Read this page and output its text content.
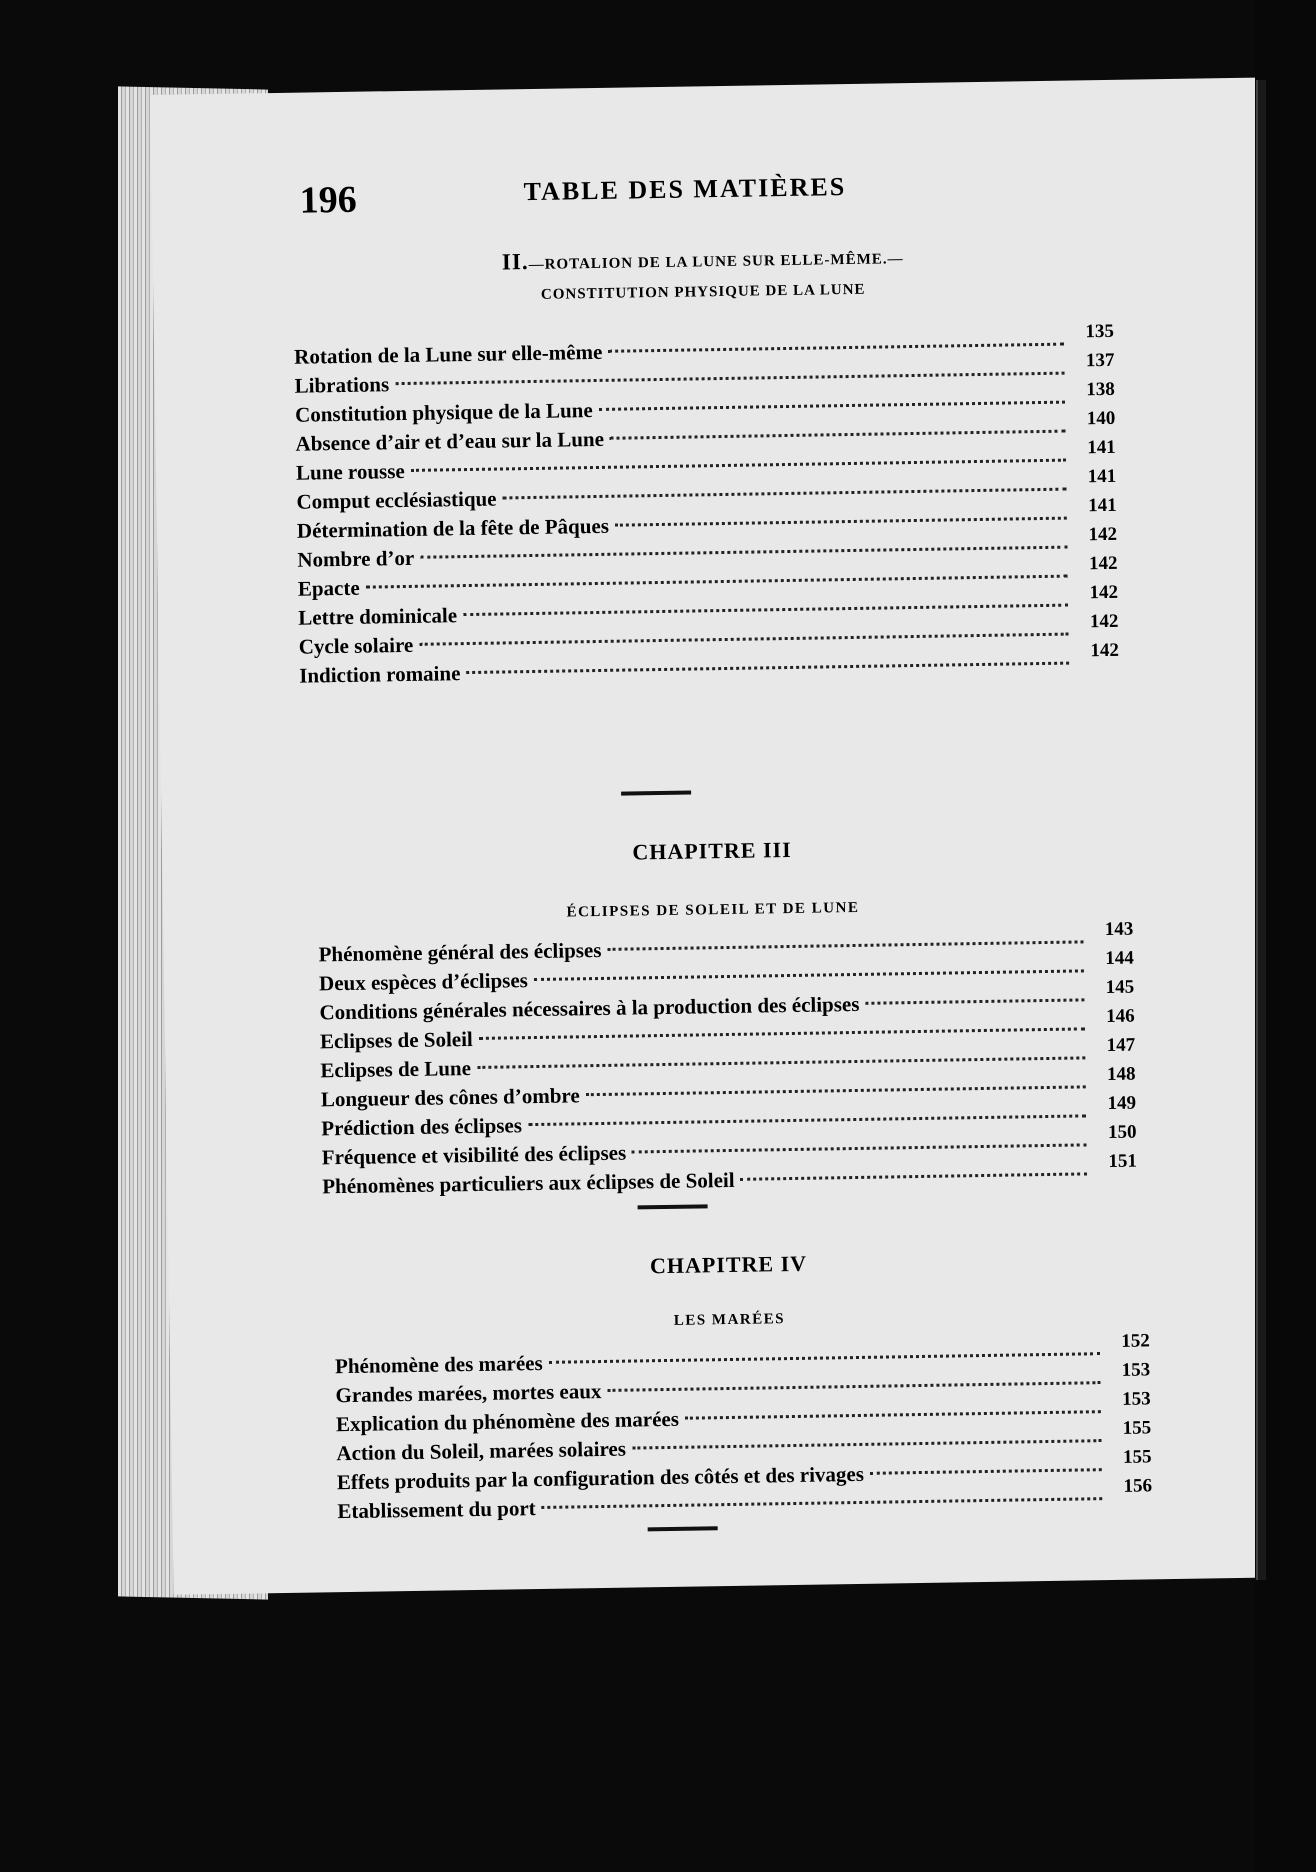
196	TABLE DES MATIÈRES
II.—ROTALION DE LA LUNE SUR ELLE-MÊME.—
CONSTITUTION PHYSIQUE DE LA LUNE
Rotation de la Lune sur elle-même
135
Librations
137
Constitution physique de la Lune
138
Absence d’air et d’eau sur la Lune
140
Lune rousse
141
Comput ecclésiastique
141
Détermination de la fête de Pâques
141
Nombre d’or
142
Epacte
142
Lettre dominicale
142
Cycle solaire
142
Indiction romaine
142
CHAPITRE III
ÉCLIPSES DE SOLEIL ET DE LUNE
Phénomène général des éclipses
143
Deux espèces d’éclipses
144
Conditions générales nécessaires à la production des éclipses
145
Eclipses de Soleil
146
Eclipses de Lune
147
Longueur des cônes d’ombre
148
Prédiction des éclipses
149
Fréquence et visibilité des éclipses
150
Phénomènes particuliers aux éclipses de Soleil
151
CHAPITRE IV
LES MARÉES
Phénomène des marées
152
Grandes marées, mortes eaux
153
Explication du phénomène des marées
153
Action du Soleil, marées solaires
155
Effets produits par la configuration des côtés et des rivages
155
Etablissement du port
156
